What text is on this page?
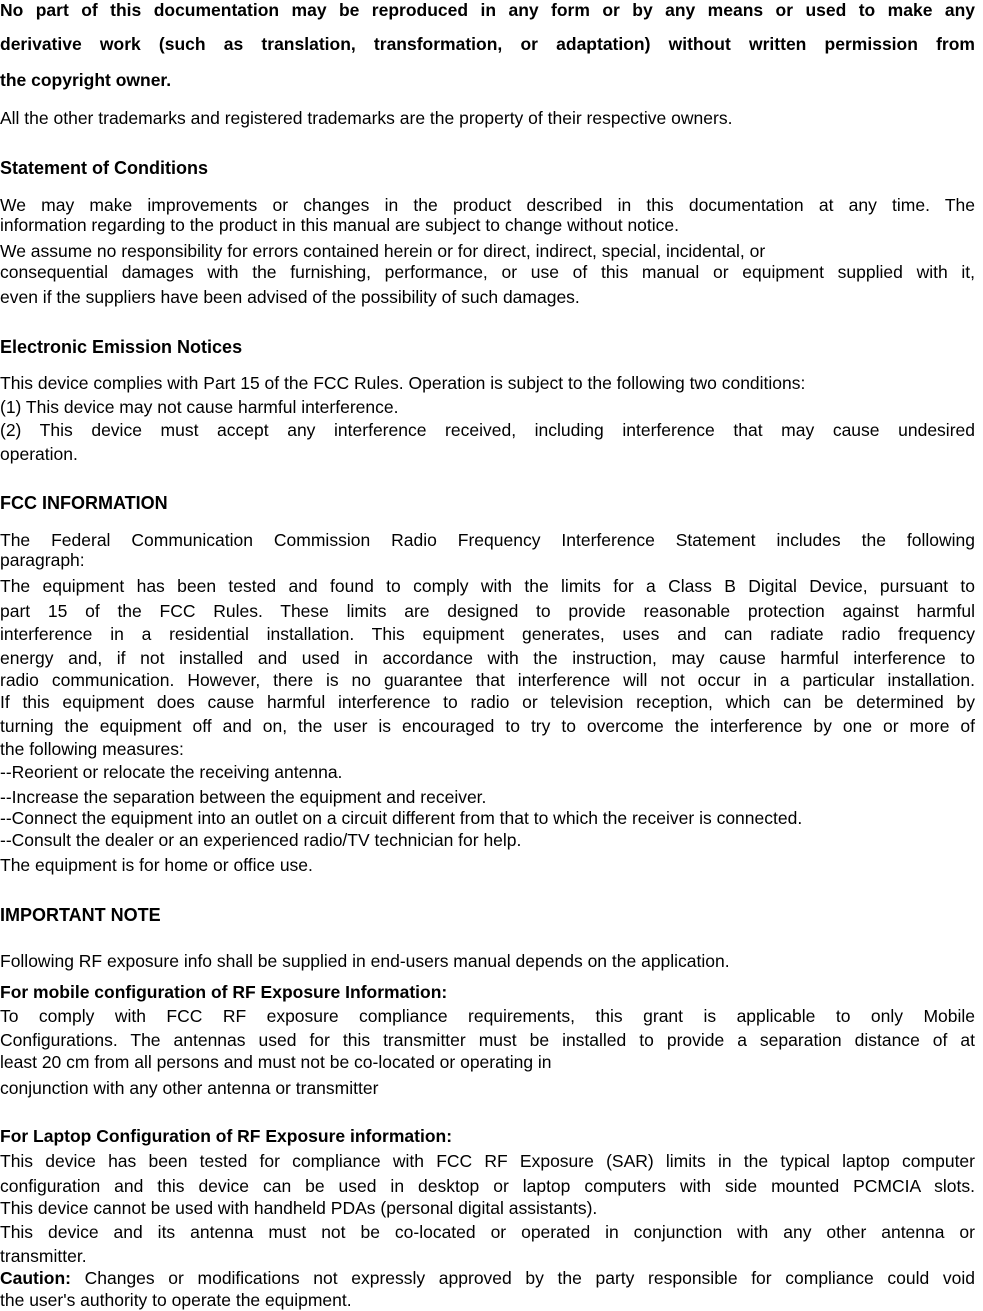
No part of this documentation may be reproduced in any form or by any means or used to make any
derivative work (such as translation, transformation, or adaptation) without written permission from
the copyright owner.
All the other trademarks and registered trademarks are the property of their respective owners.
Statement of Conditions
We may make improvements or changes in the product described in this documentation at any time. The
information regarding to the product in this manual are subject to change without notice.
We assume no responsibility for errors contained herein or for direct, indirect, special, incidental, or
consequential damages with the furnishing, performance, or use of this manual or equipment supplied with it,
even if the suppliers have been advised of the possibility of such damages.
Electronic Emission Notices
This device complies with Part 15 of the FCC Rules. Operation is subject to the following two conditions:
(1) This device may not cause harmful interference.
(2) This device must accept any interference received, including interference that may cause undesired
operation.
FCC INFORMATION
The Federal Communication Commission Radio Frequency Interference Statement includes the following
paragraph:
The equipment has been tested and found to comply with the limits for a Class B Digital Device, pursuant to
part 15 of the FCC Rules. These limits are designed to provide reasonable protection against harmful
interference in a residential installation. This equipment generates, uses and can radiate radio frequency
energy and, if not installed and used in accordance with the instruction, may cause harmful interference to
radio communication. However, there is no guarantee that interference will not occur in a particular installation.
If this equipment does cause harmful interference to radio or television reception, which can be determined by
turning the equipment off and on, the user is encouraged to try to overcome the interference by one or more of
the following measures:
--Reorient or relocate the receiving antenna.
--Increase the separation between the equipment and receiver.
--Connect the equipment into an outlet on a circuit different from that to which the receiver is connected.
--Consult the dealer or an experienced radio/TV technician for help.
The equipment is for home or office use.
IMPORTANT NOTE
Following RF exposure info shall be supplied in end-users manual depends on the application.
For mobile configuration of RF Exposure Information:
To comply with FCC RF exposure compliance requirements, this grant is applicable to only Mobile
Configurations. The antennas used for this transmitter must be installed to provide a separation distance of at
least 20 cm from all persons and must not be co-located or operating in
conjunction with any other antenna or transmitter
For Laptop Configuration of RF Exposure information:
This device has been tested for compliance with FCC RF Exposure (SAR) limits in the typical laptop computer
configuration and this device can be used in desktop or laptop computers with side mounted PCMCIA slots.
This device cannot be used with handheld PDAs (personal digital assistants).
This device and its antenna must not be co-located or operated in conjunction with any other antenna or
transmitter.
Caution: Changes or modifications not expressly approved by the party responsible for compliance could void
the user's authority to operate the equipment.
